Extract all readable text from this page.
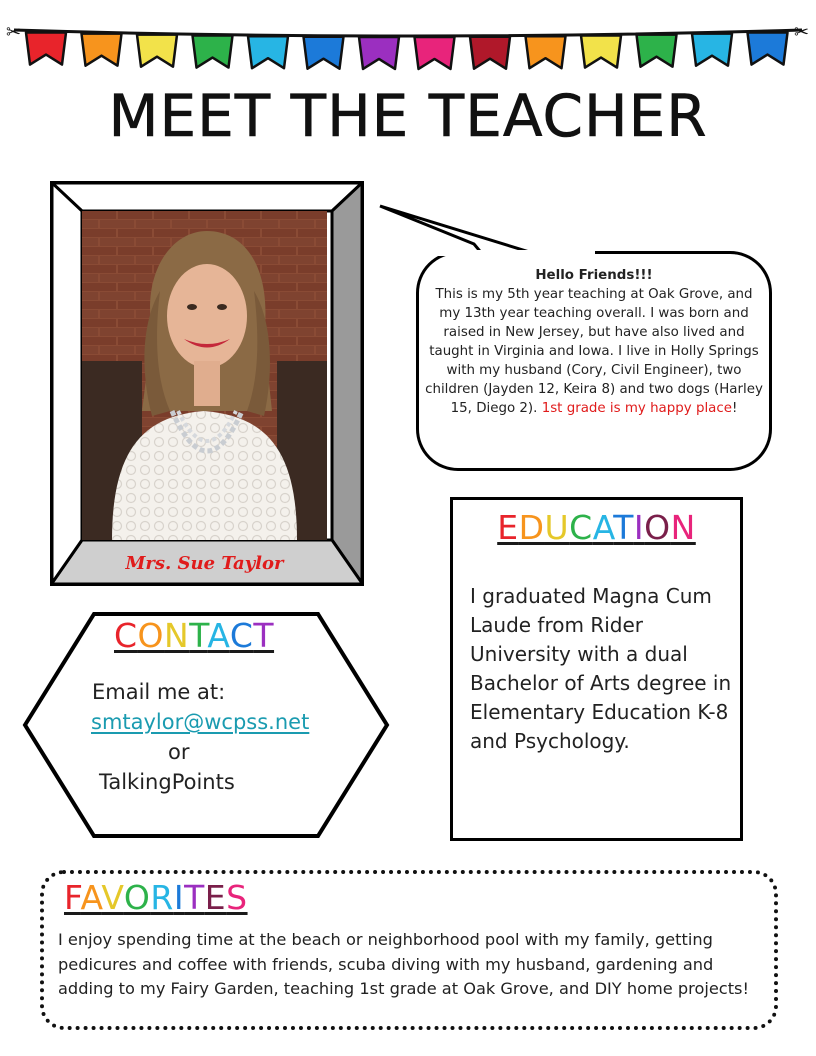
✂	✂
MEET THE TEACHER
Mrs. Sue Taylor
Hello Friends!!!
This is my 5th year teaching at Oak Grove, and my 13th year teaching overall. I was born and raised in New Jersey, but have also lived and taught in Virginia and Iowa. I live in Holly Springs with my husband (Cory, Civil Engineer), two children (Jayden 12, Keira 8) and two dogs (Harley 15, Diego 2). 1st grade is my happy place!
EDUCATION
I graduated Magna Cum Laude from Rider University with a dual Bachelor of Arts degree in Elementary Education K-8 and Psychology.
CONTACT
Email me at:
smtaylor@wcpss.net
or
TalkingPoints
FAVORITES
I enjoy spending time at the beach or neighborhood pool with my family, getting pedicures and coffee with friends, scuba diving with my husband, gardening and adding to my Fairy Garden, teaching 1st grade at Oak Grove, and DIY home projects!
